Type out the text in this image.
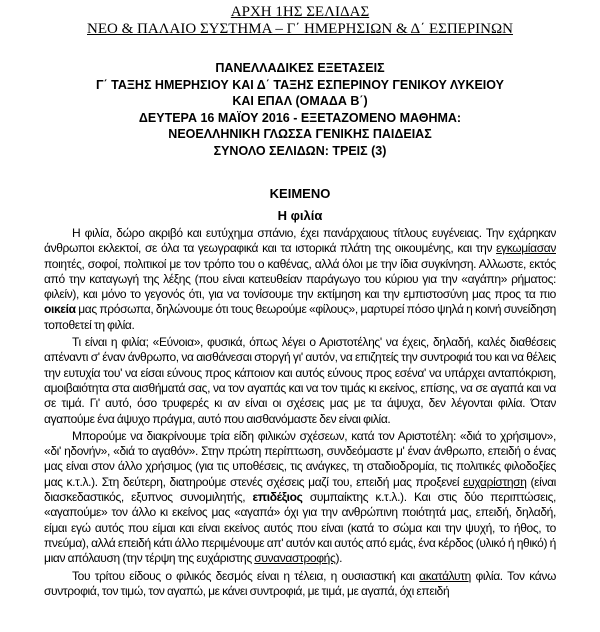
ΑΡΧΗ 1ΗΣ ΣΕΛΙΔΑΣ
ΝΕΟ & ΠΑΛΑΙΟ ΣΥΣΤΗΜΑ – Γ΄ ΗΜΕΡΗΣΙΩΝ & Δ΄ ΕΣΠΕΡΙΝΩΝ
ΠΑΝΕΛΛΑΔΙΚΕΣ ΕΞΕΤΑΣΕΙΣ
Γ΄ ΤΑΞΗΣ ΗΜΕΡΗΣΙΟΥ ΚΑΙ Δ΄ ΤΑΞΗΣ ΕΣΠΕΡΙΝΟΥ ΓΕΝΙΚΟΥ ΛΥΚΕΙΟΥ
ΚΑΙ ΕΠΑΛ (ΟΜΑΔΑ Β΄)
ΔΕΥΤΕΡΑ 16 ΜΑΪΟΥ 2016 - ΕΞΕΤΑΖΟΜΕΝΟ ΜΑΘΗΜΑ:
ΝΕΟΕΛΛΗΝΙΚΗ ΓΛΩΣΣΑ ΓΕΝΙΚΗΣ ΠΑΙΔΕΙΑΣ
ΣΥΝΟΛΟ ΣΕΛΙΔΩΝ: ΤΡΕΙΣ (3)
ΚΕΙΜΕΝΟ
Η φιλία

Η φιλία, δώρο ακριβό και ευτύχημα σπάνιο, έχει πανάρχαιους τίτλους ευγένειας. Την εχάρηκαν άνθρωποι εκλεκτοί, σε όλα τα γεωγραφικά και τα ιστορικά πλάτη της οικουμένης, και την εγκωμίασαν ποιητές, σοφοί, πολιτικοί με τον τρόπο του ο καθένας, αλλά όλοι με την ίδια συγκίνηση. Αλλωστε, εκτός από την καταγωγή της λέξης (που είναι κατευθείαν παράγωγο του κύριου για την «αγάπη» ρήματος: φιλείν), και μόνο το γεγονός ότι, για να τονίσουμε την εκτίμηση και την εμπιστοσύνη μας προς τα πιο οικεία μας πρόσωπα, δηλώνουμε ότι τους θεωρούμε «φίλους», μαρτυρεί πόσο ψηλά η κοινή συνείδηση τοποθετεί τη φιλία.

Τι είναι η φιλία; «Εύνοια», φυσικά, όπως λέγει ο Αριστοτέλης' να έχεις, δηλαδή, καλές διαθέσεις απέναντι σ' έναν άνθρωπο, να αισθάνεσαι στοργή γι' αυτόν, να επιζητείς την συντροφιά του και να θέλεις την ευτυχία του' να είσαι εύνους προς κάποιον και αυτός εύνους προς εσένα' να υπάρχει ανταπόκριση, αμοιβαιότητα στα αισθήματά σας, να τον αγαπάς και να τον τιμάς κι εκείνος, επίσης, να σε αγαπά και να σε τιμά. Γι' αυτό, όσο τρυφερές κι αν είναι οι σχέσεις μας με τα άψυχα, δεν λέγονται φιλία. Όταν αγαπούμε ένα άψυχο πράγμα, αυτό που αισθανόμαστε δεν είναι φιλία.

Μπορούμε να διακρίνουμε τρία είδη φιλικών σχέσεων, κατά τον Αριστοτέλη: «διά το χρήσιμον», «δι' ηδονήν», «διά το αγαθόν». Στην πρώτη περίπτωση, συνδεόμαστε μ' έναν άνθρωπο, επειδή ο ένας μας είναι στον άλλο χρήσιμος (για τις υποθέσεις, τις ανάγκες, τη σταδιοδρομία, τις πολιτικές φιλοδοξίες μας κ.τ.λ.). Στη δεύτερη, διατηρούμε στενές σχέσεις μαζί του, επειδή μας προξενεί ευχαρίστηση (είναι διασκεδαστικός, εξυπνος συνομιλητής, επιδέξιος συμπαίκτης κ.τ.λ.). Και στις δύο περιπτώσεις, «αγαπούμε» τον άλλο κι εκείνος μας «αγαπά» όχι για την ανθρώπινη ποιότητά μας, επειδή, δηλαδή, είμαι εγώ αυτός που είμαι και είναι εκείνος αυτός που είναι (κατά το σώμα και την ψυχή, το ήθος, το πνεύμα), αλλά επειδή κάτι άλλο περιμένουμε απ' αυτόν και αυτός από εμάς, ένα κέρδος (υλικό ή ηθικό) ή μιαν απόλαυση (την τέρψη της ευχάριστης συναναστροφής).

Του τρίτου είδους ο φιλικός δεσμός είναι η τέλεια, η ουσιαστική και ακατάλυτη φιλία. Τον κάνω συντροφιά, τον τιμώ, τον αγαπώ, με κάνει συντροφιά, με τιμά, με αγαπά, όχι επειδή
